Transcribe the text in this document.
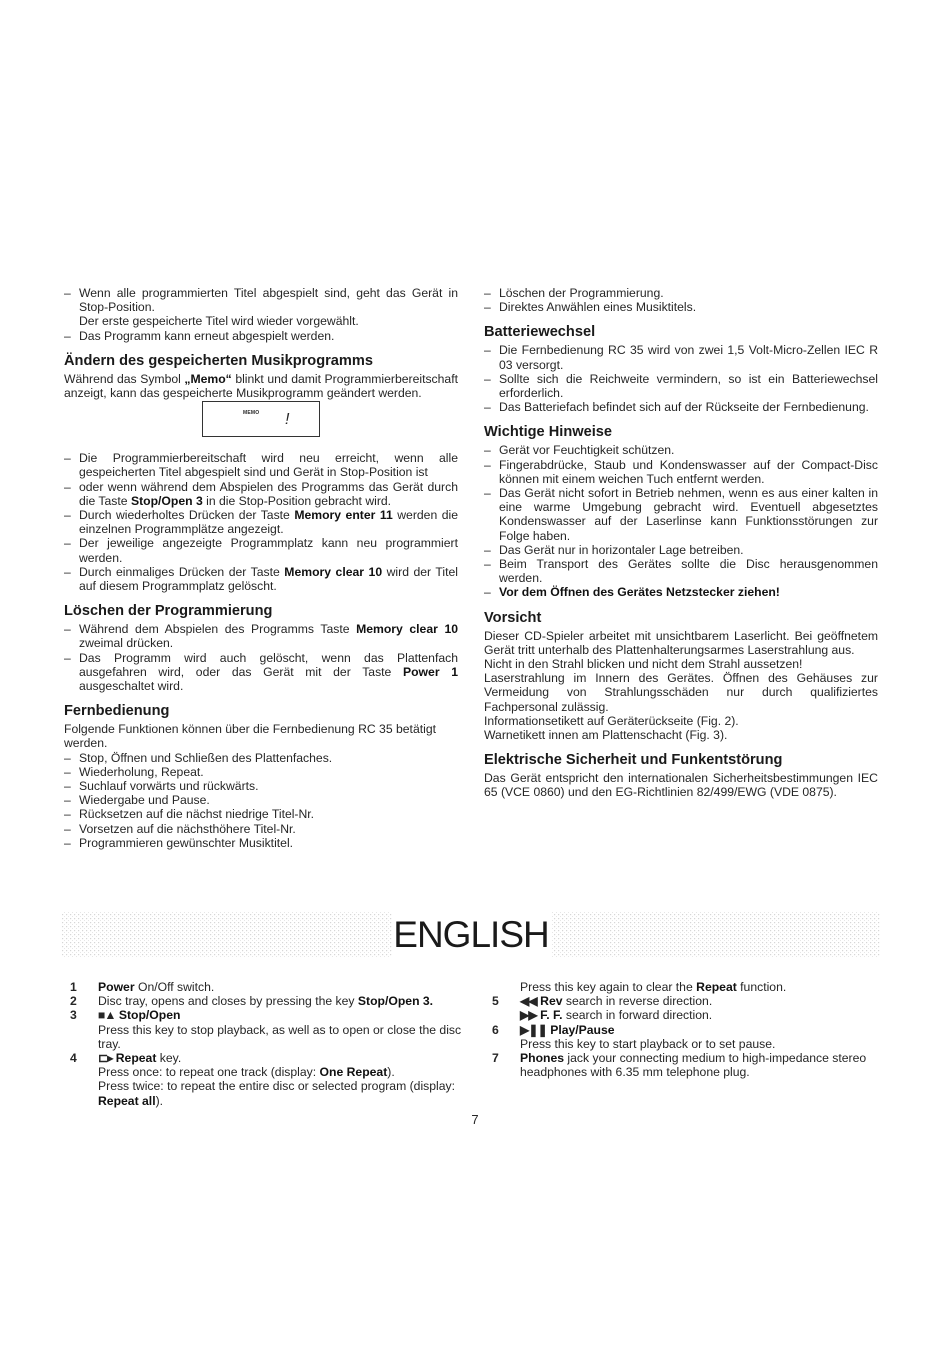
– Wenn alle programmierten Titel abgespielt sind, geht das Gerät in Stop-Position.

Der erste gespeicherte Titel wird wieder vorgewählt.

– Das Programm kann erneut abgespielt werden.
Ändern des gespeicherten Musikprogramms

Während das Symbol „Memo“ blinkt und damit Programmierbereitschaft anzeigt, kann das gespeicherte Musikprogramm geändert werden.

MEMO !
– Die Programmierbereitschaft wird neu erreicht, wenn alle gespeicherten Titel abgespielt sind und Gerät in Stop-Position ist
– oder wenn während dem Abspielen des Programms das Gerät durch die Taste Stop/Open 3 in die Stop-Position gebracht wird.
– Durch wiederholtes Drücken der Taste Memory enter 11 werden die einzelnen Programmplätze angezeigt.
– Der jeweilige angezeigte Programmplatz kann neu programmiert werden.
– Durch einmaliges Drücken der Taste Memory clear 10 wird der Titel auf diesem Programmplatz gelöscht.
Löschen der Programmierung
– Während dem Abspielen des Programms Taste Memory clear 10 zweimal drücken.
– Das Programm wird auch gelöscht, wenn das Plattenfach ausgefahren wird, oder das Gerät mit der Taste Power 1 ausgeschaltet wird.
Fernbedienung

Folgende Funktionen können über die Fernbedienung RC 35 betätigt werden.

– Stop, Öffnen und Schließen des Plattenfaches.
– Wiederholung, Repeat.
– Suchlauf vorwärts und rückwärts.
– Wiedergabe und Pause.
– Rücksetzen auf die nächst niedrige Titel-Nr.
– Vorsetzen auf die nächsthöhere Titel-Nr.
– Programmieren gewünschter Musiktitel.
– Löschen der Programmierung.
– Direktes Anwählen eines Musiktitels.
Batteriewechsel
– Die Fernbedienung RC 35 wird von zwei 1,5 Volt-Micro-Zellen IEC R 03 versorgt.
– Sollte sich die Reichweite vermindern, so ist ein Batteriewechsel erforderlich.
– Das Batteriefach befindet sich auf der Rückseite der Fernbedienung.
Wichtige Hinweise
– Gerät vor Feuchtigkeit schützen.
– Fingerabdrücke, Staub und Kondenswasser auf der Compact-Disc können mit einem weichen Tuch entfernt werden.
– Das Gerät nicht sofort in Betrieb nehmen, wenn es aus einer kalten in eine warme Umgebung gebracht wird. Eventuell abgesetztes Kondenswasser auf der Laserlinse kann Funktionsstörungen zur Folge haben.
– Das Gerät nur in horizontaler Lage betreiben.
– Beim Transport des Gerätes sollte die Disc herausgenommen werden.
– Vor dem Öffnen des Gerätes Netzstecker ziehen!
Vorsicht

Dieser CD-Spieler arbeitet mit unsichtbarem Laserlicht. Bei geöffnetem Gerät tritt unterhalb des Plattenhalterungsarmes Laserstrahlung aus.

Nicht in den Strahl blicken und nicht dem Strahl aussetzen!

Laserstrahlung im Innern des Gerätes. Öffnen des Gehäuses zur Vermeidung von Strahlungsschäden nur durch qualifiziertes Fachpersonal zulässig.

Informationsetikett auf Geräterückseite (Fig. 2).

Warnetikett innen am Plattenschacht (Fig. 3).

Elektrische Sicherheit und Funkentstörung

Das Gerät entspricht den internationalen Sicherheitsbestimmungen IEC 65 (VCE 0860) und den EG-Richtlinien 82/499/EWG (VDE 0875).

ENGLISH
1 Power On/Off switch.
2 Disc tray, opens and closes by pressing the key Stop/Open 3.
3 ■▲ Stop/Open
Press this key to stop playback, as well as to open or close the disc tray.
4 ⊏▸ Repeat key.
Press once: to repeat one track (display: One Repeat).
Press twice: to repeat the entire disc or selected program (display: Repeat all).
Press this key again to clear the Repeat function.
5 ◀◀ Rev search in reverse direction.
▶▶ F. F. search in forward direction.
6 ▶❚❚ Play/Pause
Press this key to start playback or to set pause.
7 Phones jack your connecting medium to high-impedance stereo headphones with 6.35 mm telephone plug.
7
